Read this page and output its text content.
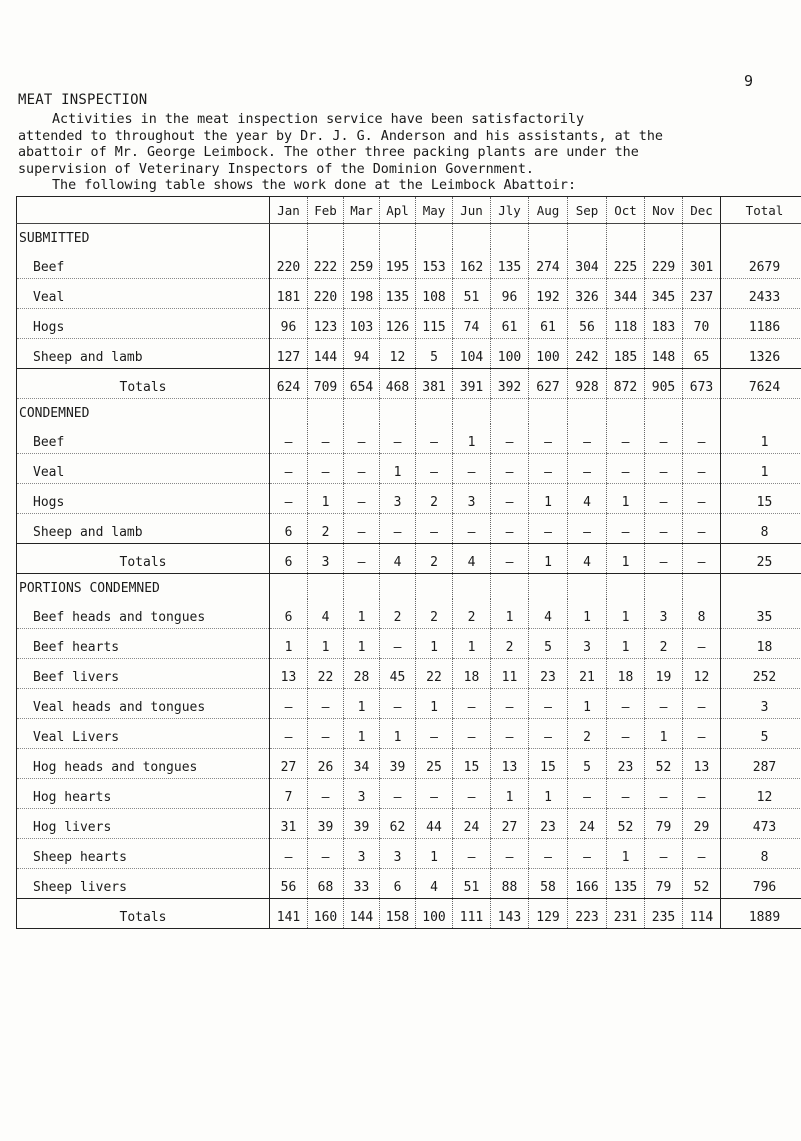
9
MEAT INSPECTION

Activities in the meat inspection service have been satisfactorily

attended to throughout the year by Dr. J. G. Anderson and his assistants, at the

abattoir of Mr. George Leimbock. The other three packing plants are under the

supervision of Veterinary Inspectors of the Dominion Government.

The following table shows the work done at the Leimbock Abattoir:

	Jan	Feb	Mar	Apl	May	Jun	Jly	Aug	Sep	Oct	Nov	Dec	Total
SUBMITTED													
Beef	220	222	259	195	153	162	135	274	304	225	229	301	2679
Veal	181	220	198	135	108	51	96	192	326	344	345	237	2433
Hogs	96	123	103	126	115	74	61	61	56	118	183	70	1186
Sheep and lamb	127	144	94	12	5	104	100	100	242	185	148	65	1326
Totals	624	709	654	468	381	391	392	627	928	872	905	673	7624
CONDEMNED													
Beef	–	–	–	–	–	1	–	–	–	–	–	–	1
Veal	–	–	–	1	–	–	–	–	–	–	–	–	1
Hogs	–	1	–	3	2	3	–	1	4	1	–	–	15
Sheep and lamb	6	2	–	–	–	–	–	–	–	–	–	–	8
Totals	6	3	–	4	2	4	–	1	4	1	–	–	25
PORTIONS CONDEMNED													
Beef heads and tongues	6	4	1	2	2	2	1	4	1	1	3	8	35
Beef hearts	1	1	1	–	1	1	2	5	3	1	2	–	18
Beef livers	13	22	28	45	22	18	11	23	21	18	19	12	252
Veal heads and tongues	–	–	1	–	1	–	–	–	1	–	–	–	3
Veal Livers	–	–	1	1	–	–	–	–	2	–	1	–	5
Hog heads and tongues	27	26	34	39	25	15	13	15	5	23	52	13	287
Hog hearts	7	–	3	–	–	–	1	1	–	–	–	–	12
Hog livers	31	39	39	62	44	24	27	23	24	52	79	29	473
Sheep hearts	–	–	3	3	1	–	–	–	–	1	–	–	8
Sheep livers	56	68	33	6	4	51	88	58	166	135	79	52	796
Totals	141	160	144	158	100	111	143	129	223	231	235	114	1889
